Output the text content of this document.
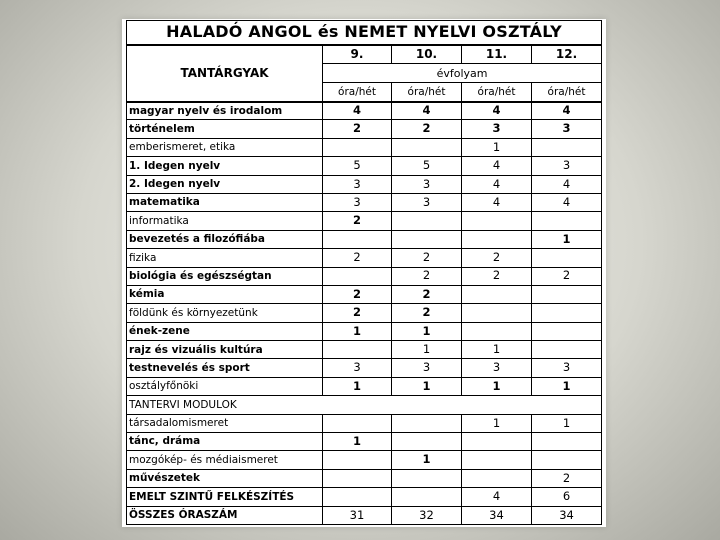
HALADÓ ANGOL és NEMET NYELVI OSZTÁLY				
TANTÁRGYAK	9.	10.	11.	12.
	évfolyam			
	óra/hét	óra/hét	óra/hét	óra/hét
magyar nyelv és irodalom	4	4	4	4
történelem	2	2	3	3
emberismeret, etika			1	
1. Idegen nyelv	5	5	4	3
2. Idegen nyelv	3	3	4	4
matematika	3	3	4	4
informatika	2			
bevezetés a filozófiába				1
fizika	2	2	2	
biológia és egészségtan		2	2	2
kémia	2	2		
földünk és környezetünk	2	2		
ének-zene	1	1		
rajz és vizuális kultúra		1	1	
testnevelés és sport	3	3	3	3
osztályfőnöki	1	1	1	1
TANTERVI MODULOK				
társadalomismeret			1	1
tánc, dráma	1			
mozgókép- és médiaismeret		1		
művészetek				2
EMELT SZINTŰ FELKÉSZÍTÉS			4	6
ÖSSZES ÓRASZÁM	31	32	34	34
